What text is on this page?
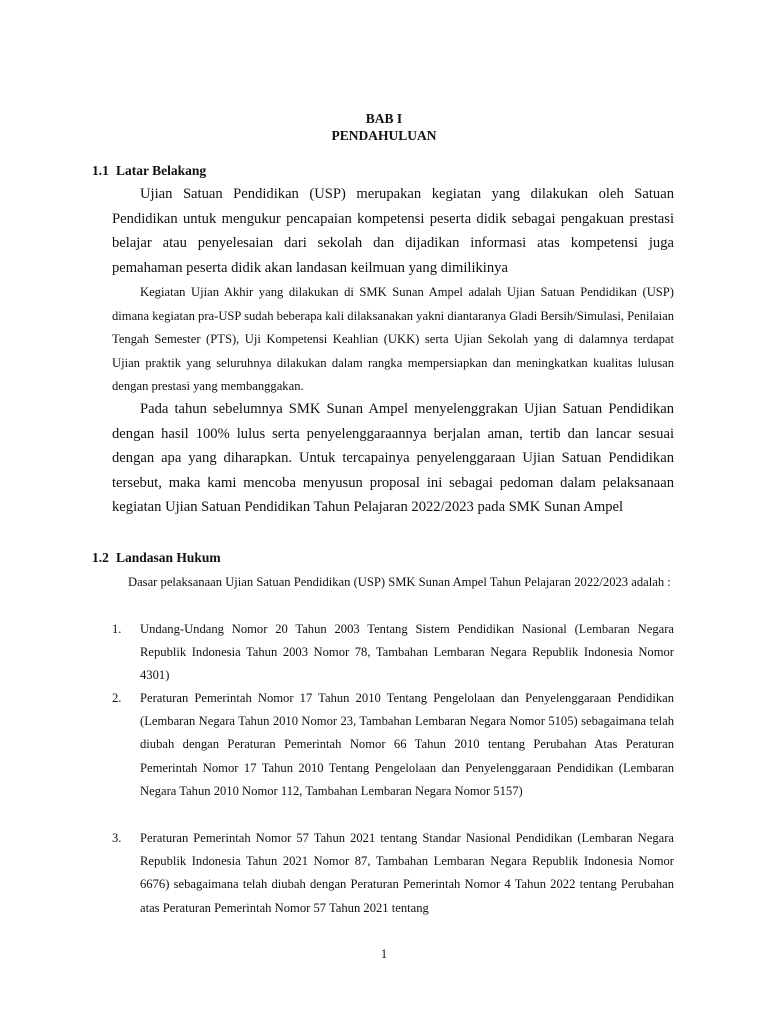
BAB I
PENDAHULUAN
1.1 Latar Belakang
Ujian Satuan Pendidikan (USP) merupakan kegiatan yang dilakukan oleh Satuan Pendidikan untuk mengukur pencapaian kompetensi peserta didik sebagai pengakuan prestasi belajar atau penyelesaian dari sekolah dan dijadikan informasi atas kompetensi juga pemahaman peserta didik akan landasan keilmuan yang dimilikinya
Kegiatan Ujian Akhir yang dilakukan di SMK Sunan Ampel adalah Ujian Satuan Pendidikan (USP) dimana kegiatan pra-USP sudah beberapa kali dilaksanakan yakni diantaranya Gladi Bersih/Simulasi, Penilaian Tengah Semester (PTS), Uji Kompetensi Keahlian (UKK) serta Ujian Sekolah yang di dalamnya terdapat Ujian praktik yang seluruhnya dilakukan dalam rangka mempersiapkan dan meningkatkan kualitas lulusan dengan prestasi yang membanggakan.
Pada tahun sebelumnya SMK Sunan Ampel menyelenggrakan Ujian Satuan Pendidikan dengan hasil 100% lulus serta penyelenggaraannya berjalan aman, tertib dan lancar sesuai dengan apa yang diharapkan. Untuk tercapainya penyelenggaraan Ujian Satuan Pendidikan tersebut, maka kami mencoba menyusun proposal ini sebagai pedoman dalam pelaksanaan kegiatan Ujian Satuan Pendidikan Tahun Pelajaran 2022/2023 pada SMK Sunan Ampel
1.2 Landasan Hukum
Dasar pelaksanaan Ujian Satuan Pendidikan (USP) SMK Sunan Ampel Tahun Pelajaran 2022/2023 adalah :
1.	Undang-Undang Nomor 20 Tahun 2003 Tentang Sistem Pendidikan Nasional (Lembaran Negara Republik Indonesia Tahun 2003 Nomor 78, Tambahan Lembaran Negara Republik Indonesia Nomor 4301)
2.	Peraturan Pemerintah Nomor 17 Tahun 2010 Tentang Pengelolaan dan Penyelenggaraan Pendidikan (Lembaran Negara Tahun 2010 Nomor 23, Tambahan Lembaran Negara Nomor 5105) sebagaimana telah diubah dengan Peraturan Pemerintah Nomor 66 Tahun 2010 tentang Perubahan Atas Peraturan Pemerintah Nomor 17 Tahun 2010 Tentang Pengelolaan dan Penyelenggaraan Pendidikan (Lembaran Negara Tahun 2010 Nomor 112, Tambahan Lembaran Negara Nomor 5157)
3.	Peraturan Pemerintah Nomor 57 Tahun 2021 tentang Standar Nasional Pendidikan (Lembaran Negara Republik Indonesia Tahun 2021 Nomor 87, Tambahan Lembaran Negara Republik Indonesia Nomor 6676) sebagaimana telah diubah dengan Peraturan Pemerintah Nomor 4 Tahun 2022 tentang Perubahan atas Peraturan Pemerintah Nomor 57 Tahun 2021 tentang
1
